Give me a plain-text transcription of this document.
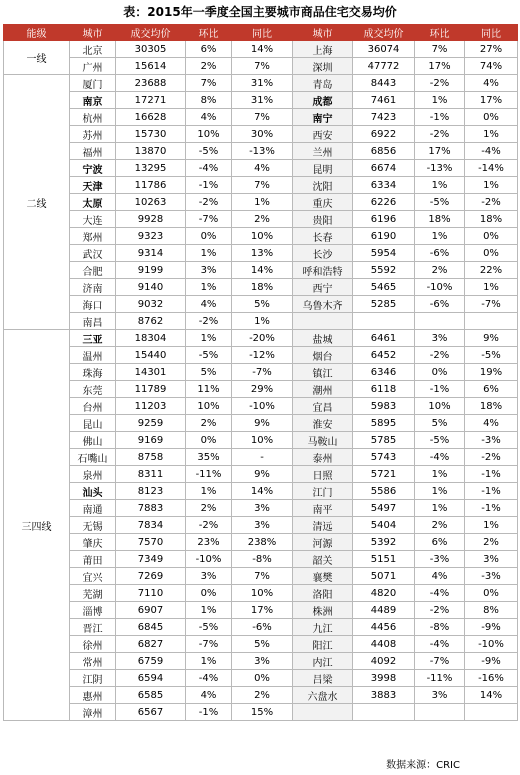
表：2015年一季度全国主要城市商品住宅交易均价
能级	城市	成交均价	环比	同比	城市	成交均价	环比	同比
一线	北京	30305	6%	14%	上海	36074	7%	27%
	广州	15614	2%	7%	深圳	47772	17%	74%
二线	厦门	23688	7%	31%	青岛	8443	-2%	4%
	南京	17271	8%	31%	成都	7461	1%	17%
	杭州	16628	4%	7%	南宁	7423	-1%	0%
	苏州	15730	10%	30%	西安	6922	-2%	1%
	福州	13870	-5%	-13%	兰州	6856	17%	-4%
	宁波	13295	-4%	4%	昆明	6674	-13%	-14%
	天津	11786	-1%	7%	沈阳	6334	1%	1%
	太原	10263	-2%	1%	重庆	6226	-5%	-2%
	大连	9928	-7%	2%	贵阳	6196	18%	18%
	郑州	9323	0%	10%	长春	6190	1%	0%
	武汉	9314	1%	13%	长沙	5954	-6%	0%
	合肥	9199	3%	14%	呼和浩特	5592	2%	22%
	济南	9140	1%	18%	西宁	5465	-10%	1%
	海口	9032	4%	5%	乌鲁木齐	5285	-6%	-7%
	南昌	8762	-2%	1%				
三四线	三亚	18304	1%	-20%	盐城	6461	3%	9%
	温州	15440	-5%	-12%	烟台	6452	-2%	-5%
	珠海	14301	5%	-7%	镇江	6346	0%	19%
	东莞	11789	11%	29%	潮州	6118	-1%	6%
	台州	11203	10%	-10%	宜昌	5983	10%	18%
	昆山	9259	2%	9%	淮安	5895	5%	4%
	佛山	9169	0%	10%	马鞍山	5785	-5%	-3%
	石嘴山	8758	35%	-	泰州	5743	-4%	-2%
	泉州	8311	-11%	9%	日照	5721	1%	-1%
	汕头	8123	1%	14%	江门	5586	1%	-1%
	南通	7883	2%	3%	南平	5497	1%	-1%
	无锡	7834	-2%	3%	清远	5404	2%	1%
	肇庆	7570	23%	238%	河源	5392	6%	2%
	莆田	7349	-10%	-8%	韶关	5151	-3%	3%
	宜兴	7269	3%	7%	襄樊	5071	4%	-3%
	芜湖	7110	0%	10%	洛阳	4820	-4%	0%
	淄博	6907	1%	17%	株洲	4489	-2%	8%
	晋江	6845	-5%	-6%	九江	4456	-8%	-9%
	徐州	6827	-7%	5%	阳江	4408	-4%	-10%
	常州	6759	1%	3%	内江	4092	-7%	-9%
	江阴	6594	-4%	0%	吕梁	3998	-11%	-16%
	惠州	6585	4%	2%	六盘水	3883	3%	14%
	漳州	6567	-1%	15%				
数据来源：CRIC
